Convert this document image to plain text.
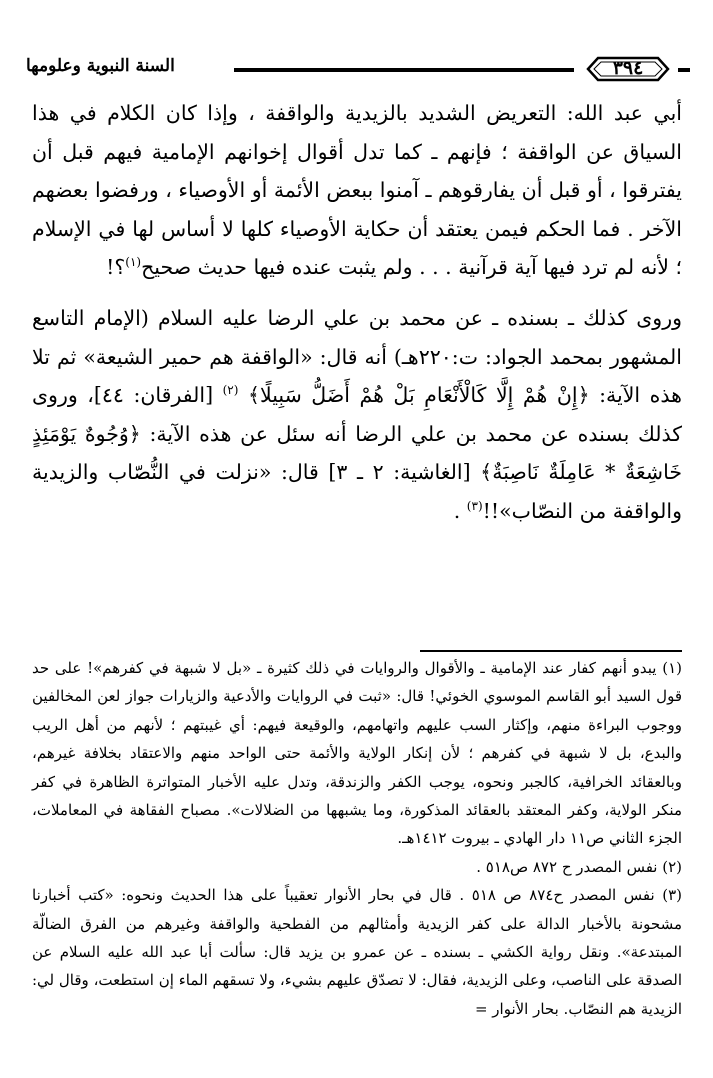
السنة النبوية وعلومها	٣٩٤

أبي عبد الله: التعريض الشديد بالزيدية والواقفة ، وإذا كان الكلام في هذا السياق عن الواقفة ؛ فإنهم ـ كما تدل أقوال إخوانهم الإمامية فيهم قبل أن يفترقوا ، أو قبل أن يفارقوهم ـ آمنوا ببعض الأئمة أو الأوصياء ، ورفضوا بعضهم الآخر . فما الحكم فيمن يعتقد أن حكاية الأوصياء كلها لا أساس لها في الإسلام ؛ لأنه لم ترد فيها آية قرآنية . . . ولم يثبت عنده فيها حديث صحيح$^{(١)}$؟!

وروى كذلك ـ بسنده ـ عن محمد بن علي الرضا عليه السلام (الإمام التاسع المشهور بمحمد الجواد: ت:٢٢٠هـ) أنه قال: «الواقفة هم حمير الشيعة» ثم تلا هذه الآية: ﴿إِنْ هُمْ إِلَّا كَالْأَنْعَامِ بَلْ هُمْ أَضَلُّ سَبِيلًا﴾ $^{(٢)}$ [الفرقان: ٤٤]، وروى كذلك بسنده عن محمد بن علي الرضا أنه سئل عن هذه الآية: ﴿وُجُوهٌ يَوْمَئِذٍ خَاشِعَةٌ * عَامِلَةٌ نَاصِبَةٌ﴾ [الغاشية: ٢ ـ ٣] قال: «نزلت في النُّصّاب والزيدية والواقفة من النصّاب»!!$^{(٣)}$ .

(١) يبدو أنهم كفار عند الإمامية ـ والأقوال والروايات في ذلك كثيرة ـ «بل لا شبهة في كفرهم»! على حد قول السيد أبو القاسم الموسوي الخوئي! قال: «ثبت في الروايات والأدعية والزيارات جواز لعن المخالفين ووجوب البراءة منهم، وإكثار السب عليهم واتهامهم، والوقيعة فيهم: أي غيبتهم ؛ لأنهم من أهل الريب والبدع، بل لا شبهة في كفرهم ؛ لأن إنكار الولاية والأئمة حتى الواحد منهم والاعتقاد بخلافة غيرهم، وبالعقائد الخرافية، كالجبر ونحوه، يوجب الكفر والزندقة، وتدل عليه الأخبار المتواترة الظاهرة في كفر منكر الولاية، وكفر المعتقد بالعقائد المذكورة، وما يشبهها من الضلالات». مصباح الفقاهة في المعاملات، الجزء الثاني ص١١ دار الهادي ـ بيروت ١٤١٢هـ.

(٢) نفس المصدر ح ٨٧٢ ص٥١٨ .

(٣) نفس المصدر ح٨٧٤ ص ٥١٨ . قال في بحار الأنوار تعقيباً على هذا الحديث ونحوه: «كتب أخبارنا مشحونة بالأخبار الدالة على كفر الزيدية وأمثالهم من الفطحية والواقفة وغيرهم من الفرق الضالّة المبتدعة». ونقل رواية الكشي ـ بسنده ـ عن عمرو بن يزيد قال: سألت أبا عبد الله عليه السلام عن الصدقة على الناصب، وعلى الزيدية، فقال: لا تصدّق عليهم بشيء، ولا تسقهم الماء إن استطعت، وقال لي: الزيدية هم النصّاب. بحار الأنوار =
